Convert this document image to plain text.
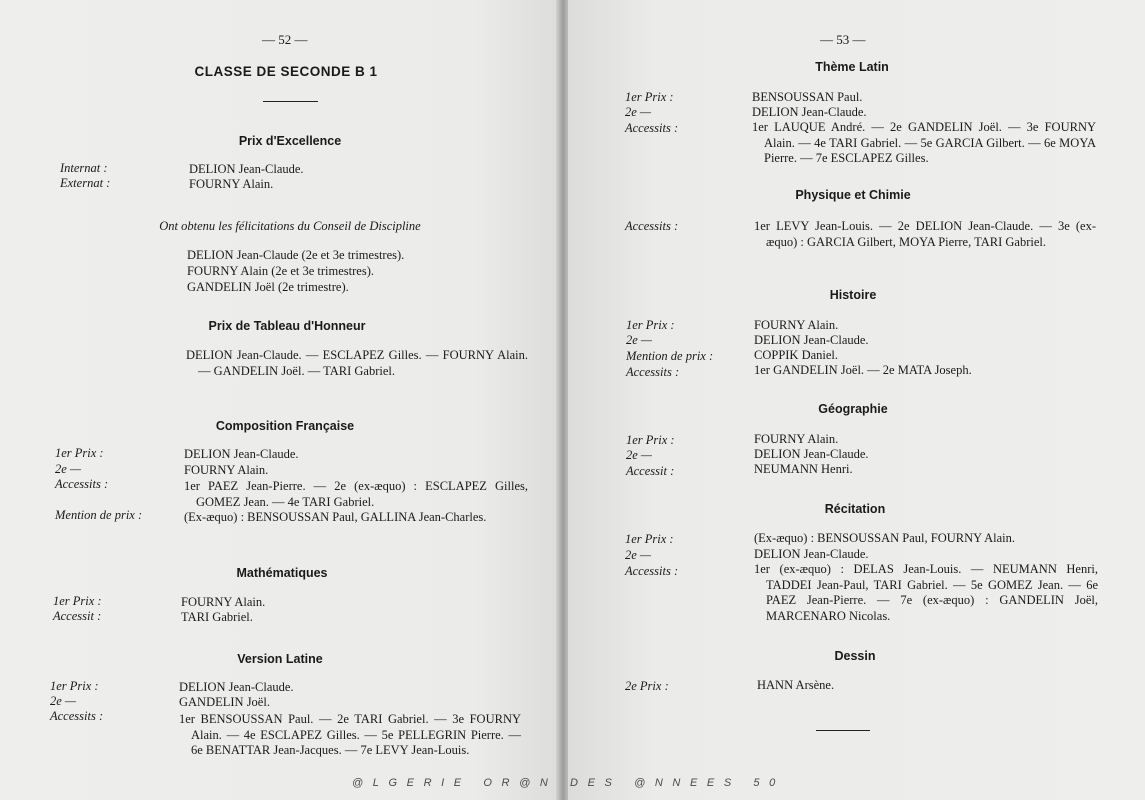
— 52 —
CLASSE DE SECONDE B 1
Prix d'Excellence
Internat :	DELION Jean-Claude.
Externat :	FOURNY Alain.
Ont obtenu les félicitations du Conseil de Discipline
DELION Jean-Claude (2e et 3e trimestres).
FOURNY Alain (2e et 3e trimestres).
GANDELIN Joël (2e trimestre).
Prix de Tableau d'Honneur
DELION Jean-Claude. — ESCLAPEZ Gilles. — FOURNY Alain. — GANDELIN Joël. — TARI Gabriel.
Composition Française
1er Prix :	DELION Jean-Claude.
2e —	FOURNY Alain.
Accessits :	1er PAEZ Jean-Pierre. — 2e (ex-æquo) : ESCLAPEZ Gilles, GOMEZ Jean. — 4e TARI Gabriel.
Mention de prix :	(Ex-æquo) : BENSOUSSAN Paul, GALLINA Jean-Charles.
Mathématiques
1er Prix :	FOURNY Alain.
Accessit :	TARI Gabriel.
Version Latine
1er Prix :	DELION Jean-Claude.
2e —	GANDELIN Joël.
Accessits :	1er BENSOUSSAN Paul. — 2e TARI Gabriel. — 3e FOURNY Alain. — 4e ESCLAPEZ Gilles. — 5e PELLEGRIN Pierre. — 6e BENATTAR Jean-Jacques. — 7e LEVY Jean-Louis.
— 53 —
Thème Latin
1er Prix :	BENSOUSSAN Paul.
2e —	DELION Jean-Claude.
Accessits :	1er LAUQUE André. — 2e GANDELIN Joël. — 3e FOURNY Alain. — 4e TARI Gabriel. — 5e GARCIA Gilbert. — 6e MOYA Pierre. — 7e ESCLAPEZ Gilles.
Physique et Chimie
Accessits :	1er LEVY Jean-Louis. — 2e DELION Jean-Claude. — 3e (ex-æquo) : GARCIA Gilbert, MOYA Pierre, TARI Gabriel.
Histoire
1er Prix :	FOURNY Alain.
2e —	DELION Jean-Claude.
Mention de prix :	COPPIK Daniel.
Accessits :	1er GANDELIN Joël. — 2e MATA Joseph.
Géographie
1er Prix :	FOURNY Alain.
2e —	DELION Jean-Claude.
Accessit :	NEUMANN Henri.
Récitation
1er Prix :	(Ex-æquo) : BENSOUSSAN Paul, FOURNY Alain.
2e —	DELION Jean-Claude.
Accessits :	1er (ex-æquo) : DELAS Jean-Louis. — NEUMANN Henri, TADDEI Jean-Paul, TARI Gabriel. — 5e GOMEZ Jean. — 6e PAEZ Jean-Pierre. — 7e (ex-æquo) : GANDELIN Joël, MARCENARO Nicolas.
Dessin
2e Prix :	HANN Arsène.
@LGERIE OR@N DES @NNEES 50
